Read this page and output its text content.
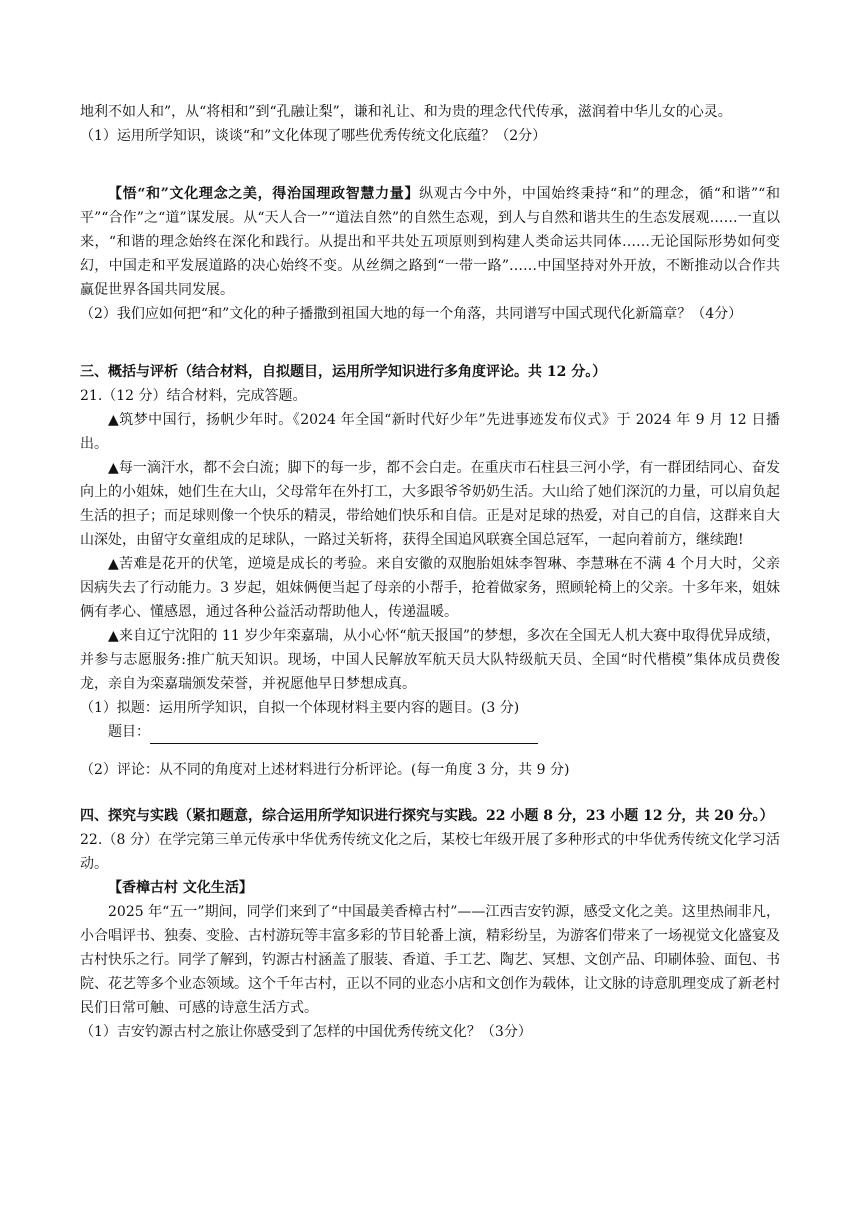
地利不如人和”，从“将相和”到“孔融让梨”，谦和礼让、和为贵的理念代代传承，滋润着中华儿女的心灵。

（1）运用所学知识，谈谈“和”文化体现了哪些优秀传统文化底蕴？（2分）

【悟“和”文化理念之美，得治国理政智慧力量】纵观古今中外，中国始终秉持“和”的理念，循“和谐”“和平”“合作”之“道”谋发展。从“天人合一”“道法自然”的自然生态观，到人与自然和谐共生的生态发展观……一直以来，“和谐的理念始终在深化和践行。从提出和平共处五项原则到构建人类命运共同体……无论国际形势如何变幻，中国走和平发展道路的决心始终不变。从丝绸之路到“一带一路”……中国坚持对外开放，不断推动以合作共赢促世界各国共同发展。

（2）我们应如何把“和”文化的种子播撒到祖国大地的每一个角落，共同谱写中国式现代化新篇章？（4分）

三、概括与评析（结合材料，自拟题目，运用所学知识进行多角度评论。共 12 分。）

21.（12 分）结合材料，完成答题。

▲筑梦中国行，扬帆少年时。《2024 年全国“新时代好少年”先进事迹发布仪式》于 2024 年 9 月 12 日播出。

▲每一滴汗水，都不会白流；脚下的每一步，都不会白走。在重庆市石柱县三河小学，有一群团结同心、奋发向上的小姐妹，她们生在大山，父母常年在外打工，大多跟爷爷奶奶生活。大山给了她们深沉的力量，可以肩负起生活的担子；而足球则像一个快乐的精灵，带给她们快乐和自信。正是对足球的热爱，对自己的自信，这群来自大山深处，由留守女童组成的足球队，一路过关斩将，获得全国追风联赛全国总冠军，一起向着前方，继续跑!

▲苦难是花开的伏笔，逆境是成长的考验。来自安徽的双胞胎姐妹李智琳、李慧琳在不满 4 个月大时，父亲因病失去了行动能力。3 岁起，姐妹俩便当起了母亲的小帮手，抢着做家务，照顾轮椅上的父亲。十多年来，姐妹俩有孝心、懂感恩，通过各种公益活动帮助他人，传递温暖。

▲来自辽宁沈阳的 11 岁少年栾嘉瑞，从小心怀“航天报国”的梦想，多次在全国无人机大赛中取得优异成绩，并参与志愿服务:推广航天知识。现场，中国人民解放军航天员大队特级航天员、全国“时代楷模”集体成员费俊龙，亲自为栾嘉瑞颁发荣誉，并祝愿他早日梦想成真。

（1）拟题：运用所学知识，自拟一个体现材料主要内容的题目。(3 分)

题目：

（2）评论：从不同的角度对上述材料进行分析评论。(每一角度 3 分，共 9 分)

四、探究与实践（紧扣题意，综合运用所学知识进行探究与实践。22 小题 8 分，23 小题 12 分，共 20 分。）

22.（8 分）在学完第三单元传承中华优秀传统文化之后，某校七年级开展了多种形式的中华优秀传统文化学习活动。

【香樟古村 文化生活】

2025 年“五一”期间，同学们来到了“中国最美香樟古村”——江西吉安钓源，感受文化之美。这里热闹非凡，小合唱评书、独奏、变脸、古村游玩等丰富多彩的节目轮番上演，精彩纷呈，为游客们带来了一场视觉文化盛宴及古村快乐之行。同学了解到，钓源古村涵盖了服装、香道、手工艺、陶艺、冥想、文创产品、印刷体验、面包、书院、花艺等多个业态领域。这个千年古村，正以不同的业态小店和文创作为载体，让文脉的诗意肌理变成了新老村民们日常可触、可感的诗意生活方式。

（1）吉安钓源古村之旅让你感受到了怎样的中国优秀传统文化？（3分）
